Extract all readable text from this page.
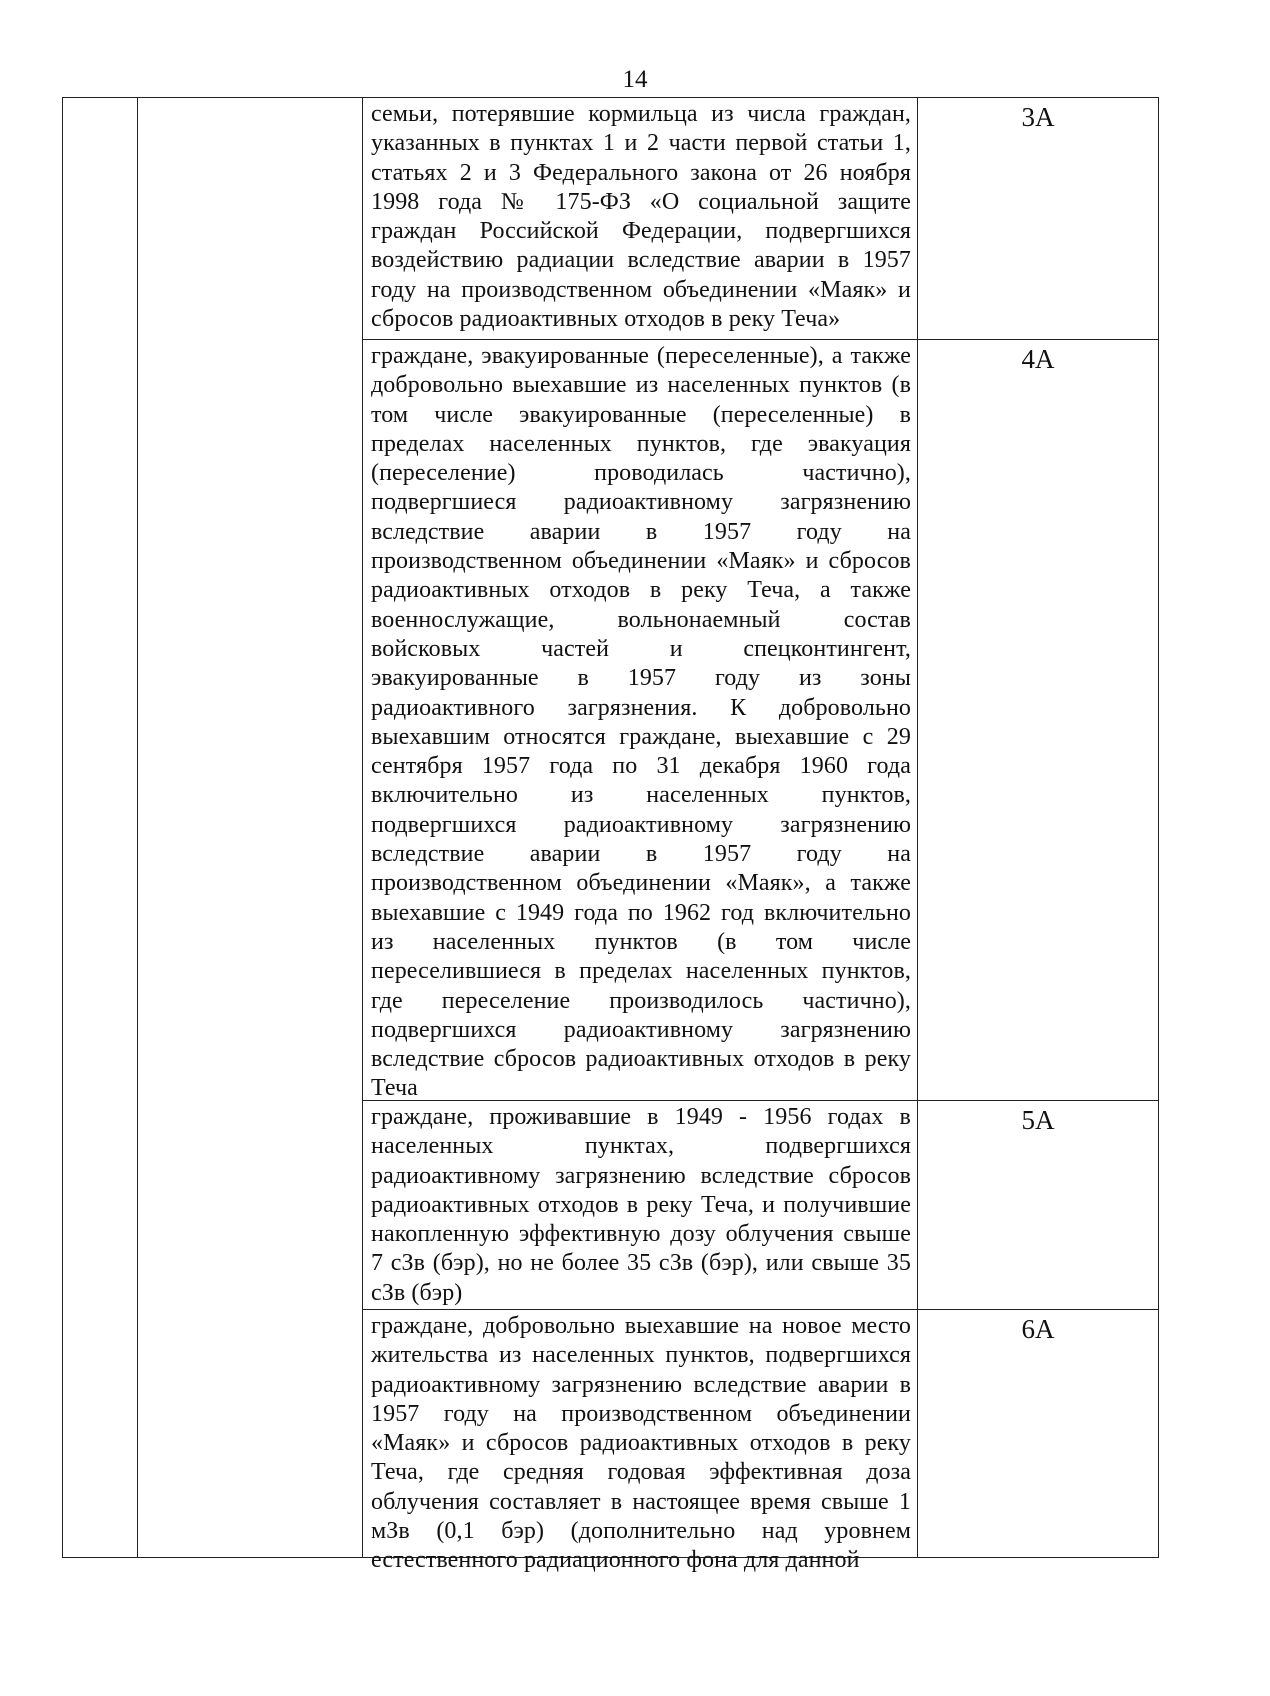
14

		семьи, потерявшие кормильца из числа граждан, указанных в пунктах 1 и 2 части первой статьи 1, статьях 2 и 3 Федерального закона от 26 ноября 1998 года № 175-ФЗ «О социальной защите граждан Российской Федерации, подвергшихся воздействию радиации вследствие аварии в 1957 году на производственном объединении «Маяк» и сбросов радиоактивных отходов в реку Теча»	3А

		граждане, эвакуированные (переселенные), а также добровольно выехавшие из населенных пунктов (в том числе эвакуированные (переселенные) в пределах населенных пунктов, где эвакуация (переселение) проводилась частично), подвергшиеся радиоактивному загрязнению вследствие аварии в 1957 году на производственном объединении «Маяк» и сбросов радиоактивных отходов в реку Теча, а также военнослужащие, вольнонаемный состав войсковых частей и спецконтингент, эвакуированные в 1957 году из зоны радиоактивного загрязнения. К добровольно выехавшим относятся граждане, выехавшие с 29 сентября 1957 года по 31 декабря 1960 года включительно из населенных пунктов, подвергшихся радиоактивному загрязнению вследствие аварии в 1957 году на производственном объединении «Маяк», а также выехавшие с 1949 года по 1962 год включительно из населенных пунктов (в том числе переселившиеся в пределах населенных пунктов, где переселение производилось частично), подвергшихся радиоактивному загрязнению вследствие сбросов радиоактивных отходов в реку Теча	4А

		граждане, проживавшие в 1949 - 1956 годах в населенных пунктах, подвергшихся радиоактивному загрязнению вследствие сбросов радиоактивных отходов в реку Теча, и получившие накопленную эффективную дозу облучения свыше 7 сЗв (бэр), но не более 35 сЗв (бэр), или свыше 35 сЗв (бэр)	5А

		граждане, добровольно выехавшие на новое место жительства из населенных пунктов, подвергшихся радиоактивному загрязнению вследствие аварии в 1957 году на производственном объединении «Маяк» и сбросов радиоактивных отходов в реку Теча, где средняя годовая эффективная доза облучения составляет в настоящее время свыше 1 мЗв (0,1 бэр) (дополнительно над уровнем естественного радиационного фона для данной	6А
